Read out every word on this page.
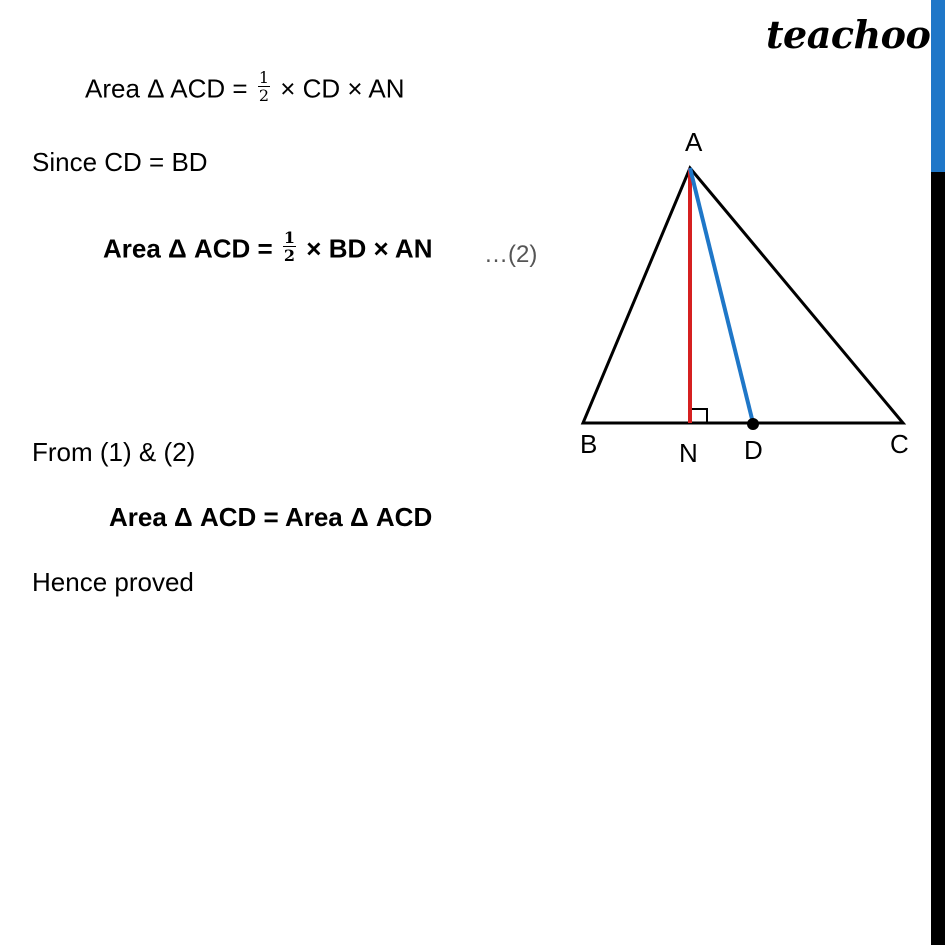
teachoo
Area Δ ACD = $\frac{1}{2}$ × CD × AN
Since CD = BD
Area Δ ACD = $\frac{1}{2}$ × BD × AN …(2)
From (1) & (2)
Area Δ ACD = Area Δ ACD
Hence proved
A
B	C
N D
